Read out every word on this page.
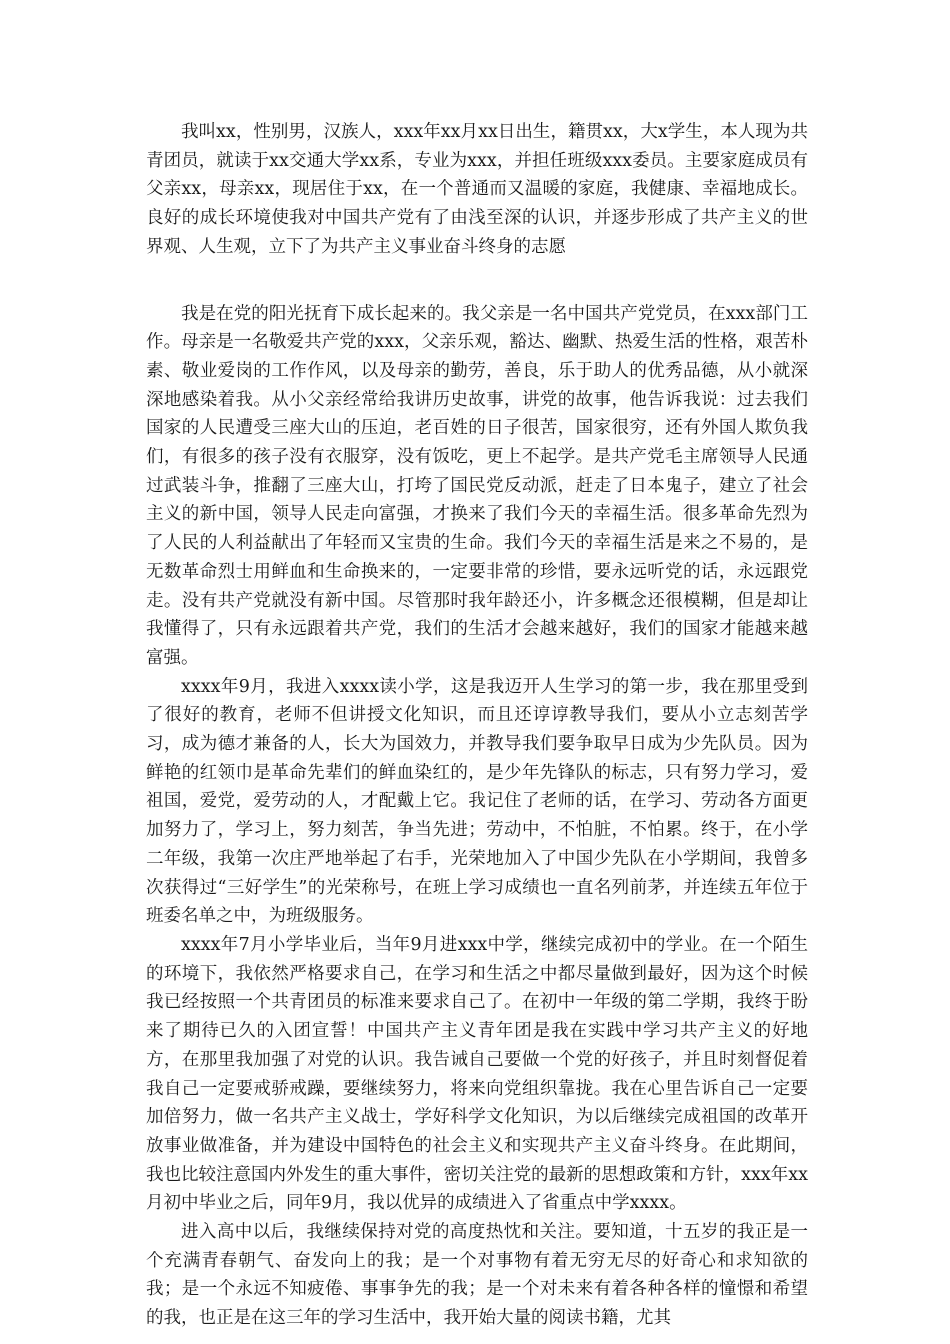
我叫xx，性别男，汉族人，xxx年xx月xx日出生，籍贯xx，大x学生，本人现为共青团员，就读于xx交通大学xx系，专业为xxx，并担任班级xxx委员。主要家庭成员有父亲xx，母亲xx，现居住于xx，在一个普通而又温暖的家庭，我健康、幸福地成长。良好的成长环境使我对中国共产党有了由浅至深的认识，并逐步形成了共产主义的世界观、人生观，立下了为共产主义事业奋斗终身的志愿

我是在党的阳光抚育下成长起来的。我父亲是一名中国共产党党员，在xxx部门工作。母亲是一名敬爱共产党的xxx，父亲乐观，豁达、幽默、热爱生活的性格，艰苦朴素、敬业爱岗的工作作风，以及母亲的勤劳，善良，乐于助人的优秀品德，从小就深深地感染着我。从小父亲经常给我讲历史故事，讲党的故事，他告诉我说：过去我们国家的人民遭受三座大山的压迫，老百姓的日子很苦，国家很穷，还有外国人欺负我们，有很多的孩子没有衣服穿，没有饭吃，更上不起学。是共产党毛主席领导人民通过武装斗争，推翻了三座大山，打垮了国民党反动派，赶走了日本鬼子，建立了社会主义的新中国，领导人民走向富强，才换来了我们今天的幸福生活。很多革命先烈为了人民的人利益献出了年轻而又宝贵的生命。我们今天的幸福生活是来之不易的，是无数革命烈士用鲜血和生命换来的，一定要非常的珍惜，要永远听党的话，永远跟党走。没有共产党就没有新中国。尽管那时我年龄还小，许多概念还很模糊，但是却让我懂得了，只有永远跟着共产党，我们的生活才会越来越好，我们的国家才能越来越富强。

xxxx年9月，我进入xxxx读小学，这是我迈开人生学习的第一步，我在那里受到了很好的教育，老师不但讲授文化知识，而且还谆谆教导我们，要从小立志刻苦学习，成为德才兼备的人，长大为国效力，并教导我们要争取早日成为少先队员。因为鲜艳的红领巾是革命先辈们的鲜血染红的，是少年先锋队的标志，只有努力学习，爱祖国，爱党，爱劳动的人，才配戴上它。我记住了老师的话，在学习、劳动各方面更加努力了，学习上，努力刻苦，争当先进；劳动中，不怕脏，不怕累。终于，在小学二年级，我第一次庄严地举起了右手，光荣地加入了中国少先队在小学期间，我曾多次获得过“三好学生”的光荣称号，在班上学习成绩也一直名列前茅，并连续五年位于班委名单之中，为班级服务。

xxxx年7月小学毕业后，当年9月进xxx中学，继续完成初中的学业。在一个陌生的环境下，我依然严格要求自己，在学习和生活之中都尽量做到最好，因为这个时候我已经按照一个共青团员的标准来要求自己了。在初中一年级的第二学期，我终于盼来了期待已久的入团宣誓！中国共产主义青年团是我在实践中学习共产主义的好地方，在那里我加强了对党的认识。我告诫自己要做一个党的好孩子，并且时刻督促着我自己一定要戒骄戒躁，要继续努力，将来向党组织靠拢。我在心里告诉自己一定要加倍努力，做一名共产主义战士，学好科学文化知识，为以后继续完成祖国的改革开放事业做准备，并为建设中国特色的社会主义和实现共产主义奋斗终身。在此期间，我也比较注意国内外发生的重大事件，密切关注党的最新的思想政策和方针，xxx年xx月初中毕业之后，同年9月，我以优异的成绩进入了省重点中学xxxx。

进入高中以后，我继续保持对党的高度热忱和关注。要知道，十五岁的我正是一个充满青春朝气、奋发向上的我；是一个对事物有着无穷无尽的好奇心和求知欲的我；是一个永远不知疲倦、事事争先的我；是一个对未来有着各种各样的憧憬和希望的我，也正是在这三年的学习生活中，我开始大量的阅读书籍，尤其
